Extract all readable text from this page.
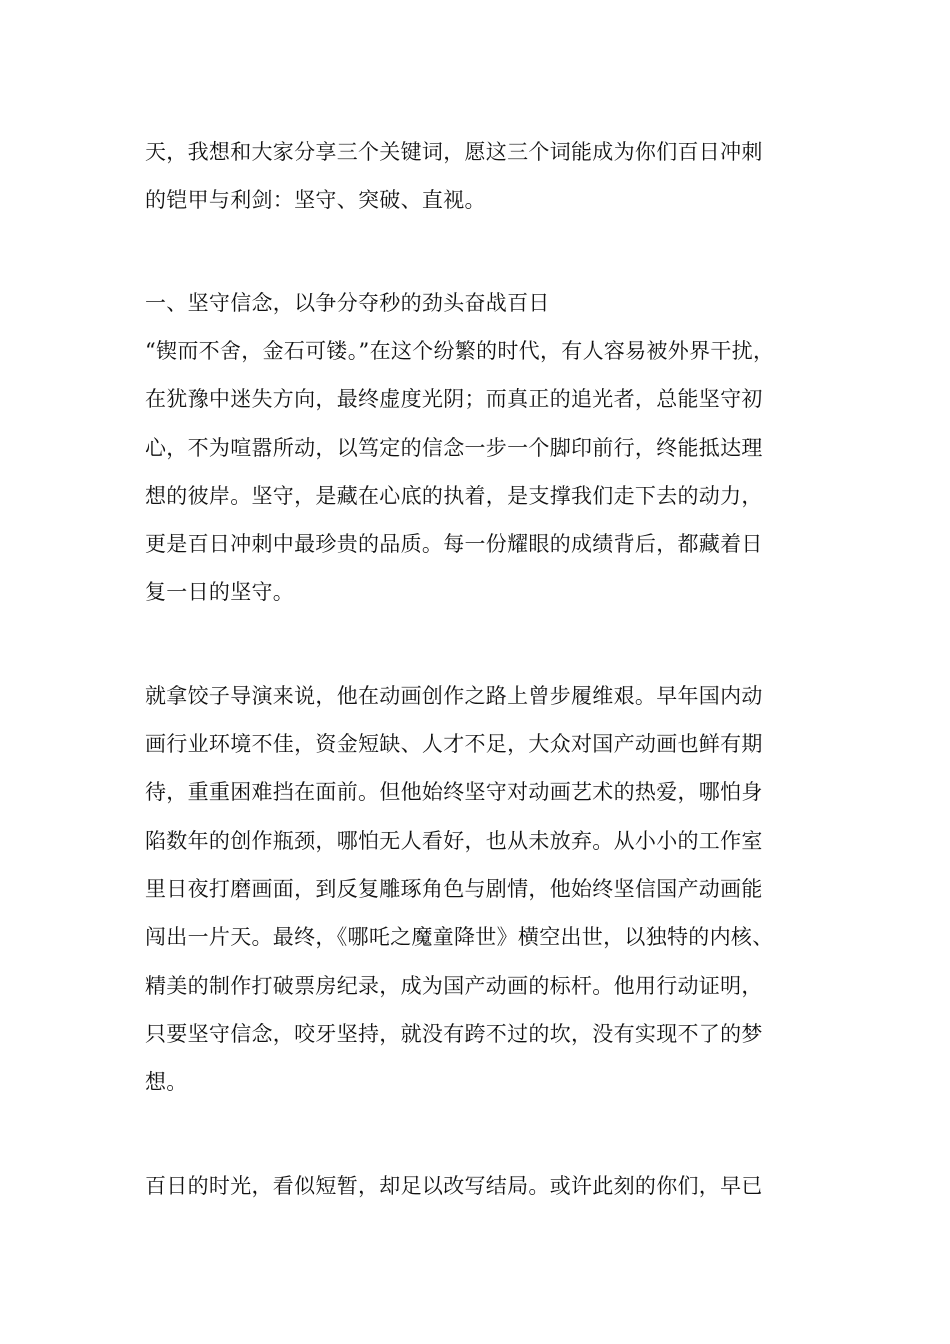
天，我想和大家分享三个关键词，愿这三个词能成为你们百日冲刺

的铠甲与利剑：坚守、突破、直视。

一、坚守信念，以争分夺秒的劲头奋战百日

“锲而不舍，金石可镂。”在这个纷繁的时代，有人容易被外界干扰，

在犹豫中迷失方向，最终虚度光阴；而真正的追光者，总能坚守初

心，不为喧嚣所动，以笃定的信念一步一个脚印前行，终能抵达理

想的彼岸。坚守，是藏在心底的执着，是支撑我们走下去的动力，

更是百日冲刺中最珍贵的品质。每一份耀眼的成绩背后，都藏着日

复一日的坚守。

就拿饺子导演来说，他在动画创作之路上曾步履维艰。早年国内动

画行业环境不佳，资金短缺、人才不足，大众对国产动画也鲜有期

待，重重困难挡在面前。但他始终坚守对动画艺术的热爱，哪怕身

陷数年的创作瓶颈，哪怕无人看好，也从未放弃。从小小的工作室

里日夜打磨画面，到反复雕琢角色与剧情，他始终坚信国产动画能

闯出一片天。最终，《哪吒之魔童降世》横空出世，以独特的内核、

精美的制作打破票房纪录，成为国产动画的标杆。他用行动证明，

只要坚守信念，咬牙坚持，就没有跨不过的坎，没有实现不了的梦

想。

百日的时光，看似短暂，却足以改写结局。或许此刻的你们，早已
